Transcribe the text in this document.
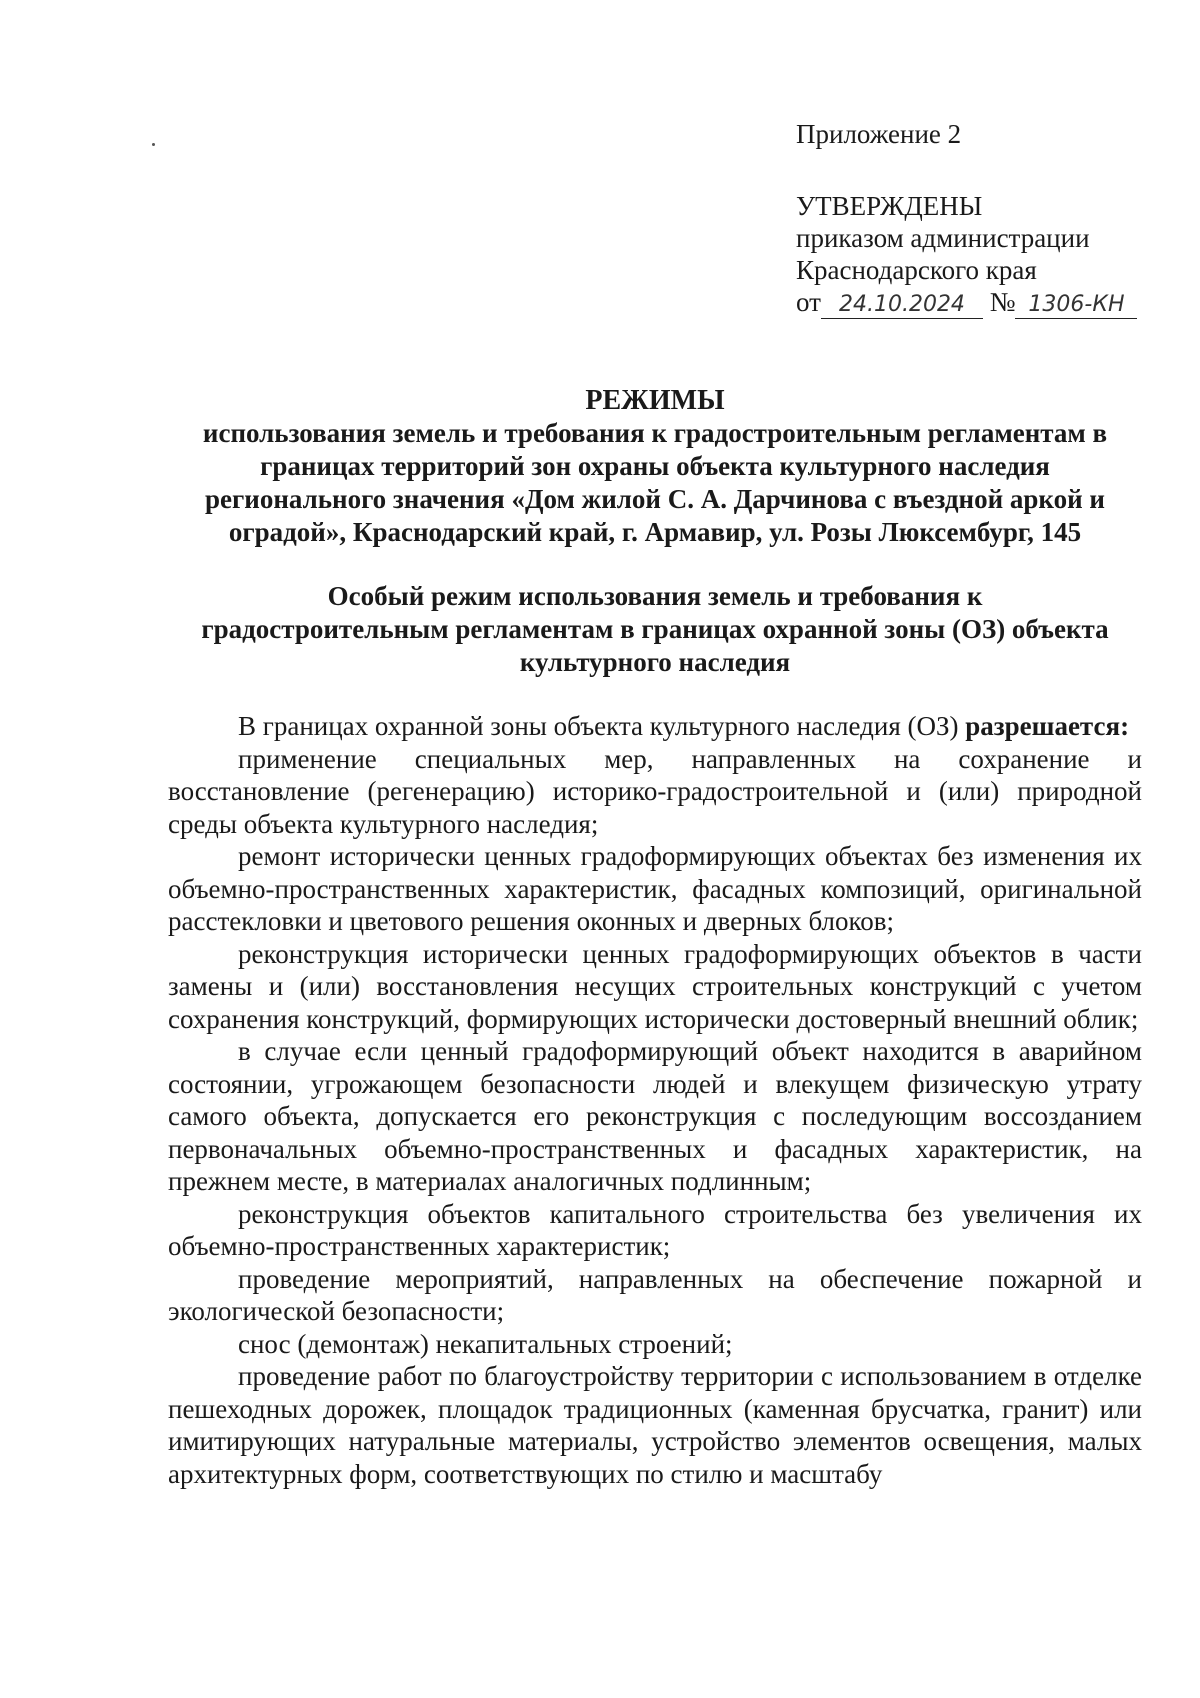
Приложение 2
УТВЕРЖДЕНЫ
приказом администрации
Краснодарского края
от 24.10.2024 № 1306-КН
РЕЖИМЫ
использования земель и требования к градостроительным регламентам в
границах территорий зон охраны объекта культурного наследия
регионального значения «Дом жилой С. А. Дарчинова с въездной аркой и
оградой», Краснодарский край, г. Армавир, ул. Розы Люксембург, 145
Особый режим использования земель и требования к
градостроительным регламентам в границах охранной зоны (ОЗ) объекта
культурного наследия

В границах охранной зоны объекта культурного наследия (ОЗ) разрешается:

применение специальных мер, направленных на сохранение и восстановление (регенерацию) историко-градостроительной и (или) природной среды объекта культурного наследия;

ремонт исторически ценных градоформирующих объектах без изменения их объемно-пространственных характеристик, фасадных композиций, оригинальной расстекловки и цветового решения оконных и дверных блоков;

реконструкция исторически ценных градоформирующих объектов в части замены и (или) восстановления несущих строительных конструкций с учетом сохранения конструкций, формирующих исторически достоверный внешний облик;

в случае если ценный градоформирующий объект находится в аварийном состоянии, угрожающем безопасности людей и влекущем физическую утрату самого объекта, допускается его реконструкция с последующим воссозданием первоначальных объемно-пространственных и фасадных характеристик, на прежнем месте, в материалах аналогичных подлинным;

реконструкция объектов капитального строительства без увеличения их объемно-пространственных характеристик;

проведение мероприятий, направленных на обеспечение пожарной и экологической безопасности;

снос (демонтаж) некапитальных строений;

проведение работ по благоустройству территории с использованием в отделке пешеходных дорожек, площадок традиционных (каменная брусчатка, гранит) или имитирующих натуральные материалы, устройство элементов освещения, малых архитектурных форм, соответствующих по стилю и масштабу
